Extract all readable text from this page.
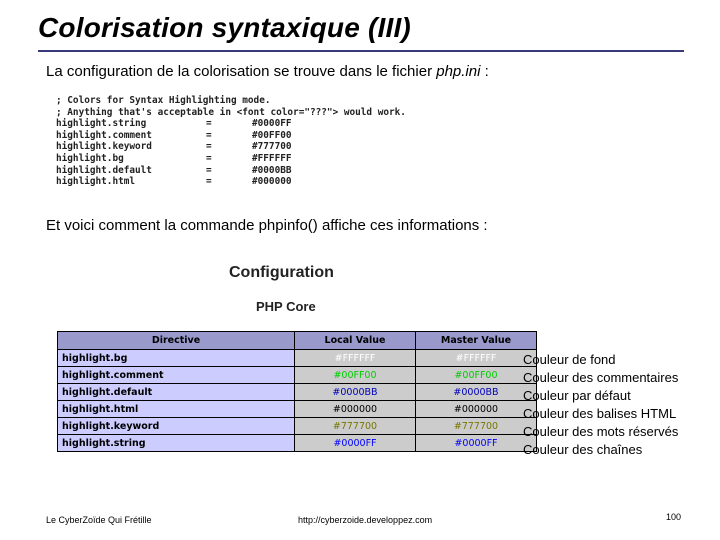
Colorisation syntaxique (III)
La configuration de la colorisation se trouve dans le fichier php.ini :
; Colors for Syntax Highlighting mode.
; Anything that's acceptable in <font color="???"> would work.
highlight.string	=	#0000FF
highlight.comment	=	#00FF00
highlight.keyword	=	#777700
highlight.bg	=	#FFFFFF
highlight.default	=	#0000BB
highlight.html	=	#000000
Et voici comment la commande phpinfo() affiche ces informations :
Configuration
PHP Core
Directive	Local Value	Master Value
highlight.bg	#FFFFFF	#FFFFFF
highlight.comment	#00FF00	#00FF00
highlight.default	#0000BB	#0000BB
highlight.html	#000000	#000000
highlight.keyword	#777700	#777700
highlight.string	#0000FF	#0000FF
Couleur de fond
Couleur des commentaires
Couleur par défaut
Couleur des balises HTML
Couleur des mots réservés
Couleur des chaînes
Le CyberZoïde Qui Frétille	http://cyberzoide.developpez.com	100
